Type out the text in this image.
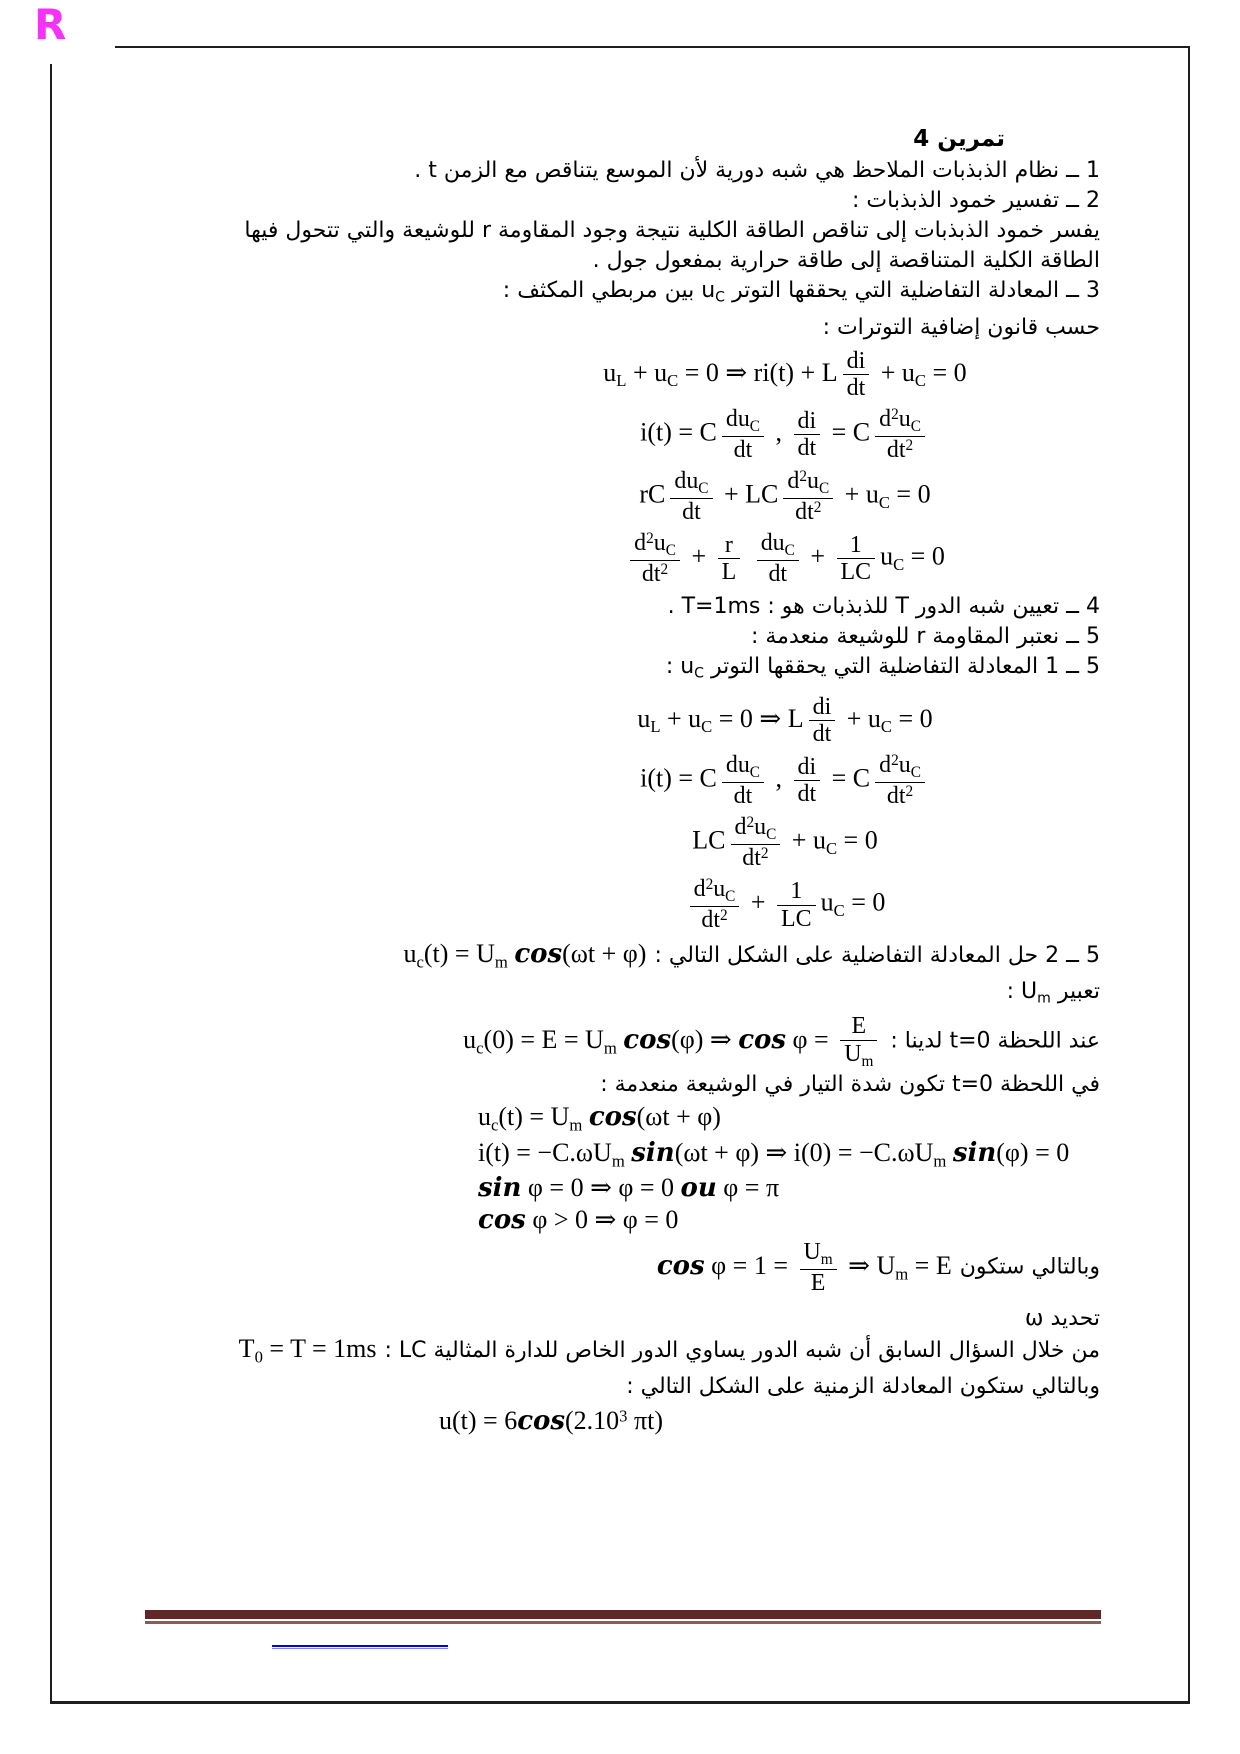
R
تمرين 4
1 ــ نظام الذبذبات الملاحظ هي شبه دورية لأن الموسع يتناقص مع الزمن t .
2 ــ تفسير خمود الذبذبات :
يفسر خمود الذبذبات إلى تناقص الطاقة الكلية نتيجة وجود المقاومة r للوشيعة والتي تتحول فيها
الطاقة الكلية المتناقصة إلى طاقة حرارية بمفعول جول .
3 ــ المعادلة التفاضلية التي يحققها التوتر $u_C$ بين مربطي المكثف :
حسب قانون إضافية التوترات :
$u_L + u_C = 0$ ⇒ ri(t) + L $\frac{di}{dt} + u_C = 0$
i(t) = C $\frac{du_C}{dt}$ , $\frac{di}{dt} = C \frac{d^2u_C}{dt^2}$
rC $\frac{du_C}{dt}$ + LC $\frac{d^2u_C}{dt^2} + u_C = 0$
$\frac{d^2u_C}{dt^2} + \frac{r}{L}$
$\frac{du_C}{dt} + \frac{1}{LC} u_C = 0$
4 ــ تعيين شبه الدور T للذبذبات هو : T=1ms .
5 ــ نعتبر المقاومة r للوشيعة منعدمة :
5 ــ 1 المعادلة التفاضلية التي يحققها التوتر $u_C$ :
$u_L + u_C = 0$ ⇒ L $\frac{di}{dt} + u_C = 0$
i(t) = C $\frac{du_C}{dt}$ , $\frac{di}{dt} = C \frac{d^2u_C}{dt^2}$
LC $\frac{d^2u_C}{dt^2} + u_C = 0$
$\frac{d^2u_C}{dt^2} + \frac{1}{LC} u_C = 0$
5 ــ 2 حل المعادلة التفاضلية على الشكل التالي $:u_c(t) = U_m$ cos(ωt + φ)
تعبير $U_m$ :
عند اللحظة t=0 لدينا $:u_c(0) = E = U_m$ cos(φ) ⇒ $\cos \varphi = \frac{E}{U_m}$
في اللحظة t=0 تكون شدة التيار في الوشيعة منعدمة :
$u_c(t) = U_m$ cos(ωt + φ)
$i(t) = -C.\omega U_m$ sin(ωt + φ) ⇒ $i(0) = -C.\omega U_m$ sin(φ) = 0
sin φ = 0 ⇒ φ = 0 ou φ = π
cos φ > 0 ⇒ φ = 0
وبالتالي ستكونcos $\varphi = 1 = \frac{U_m}{E}$ ⇒ $U_m = E$
تحديد ω
من خلال السؤال السابق أن شبه الدور يساوي الدور الخاص للدارة المثالية LC $:T_0 = T = 1ms$
وبالتالي ستكون المعادلة الزمنية على الشكل التالي :
$u(t) = 6\cos(2.10^3$ πt)
